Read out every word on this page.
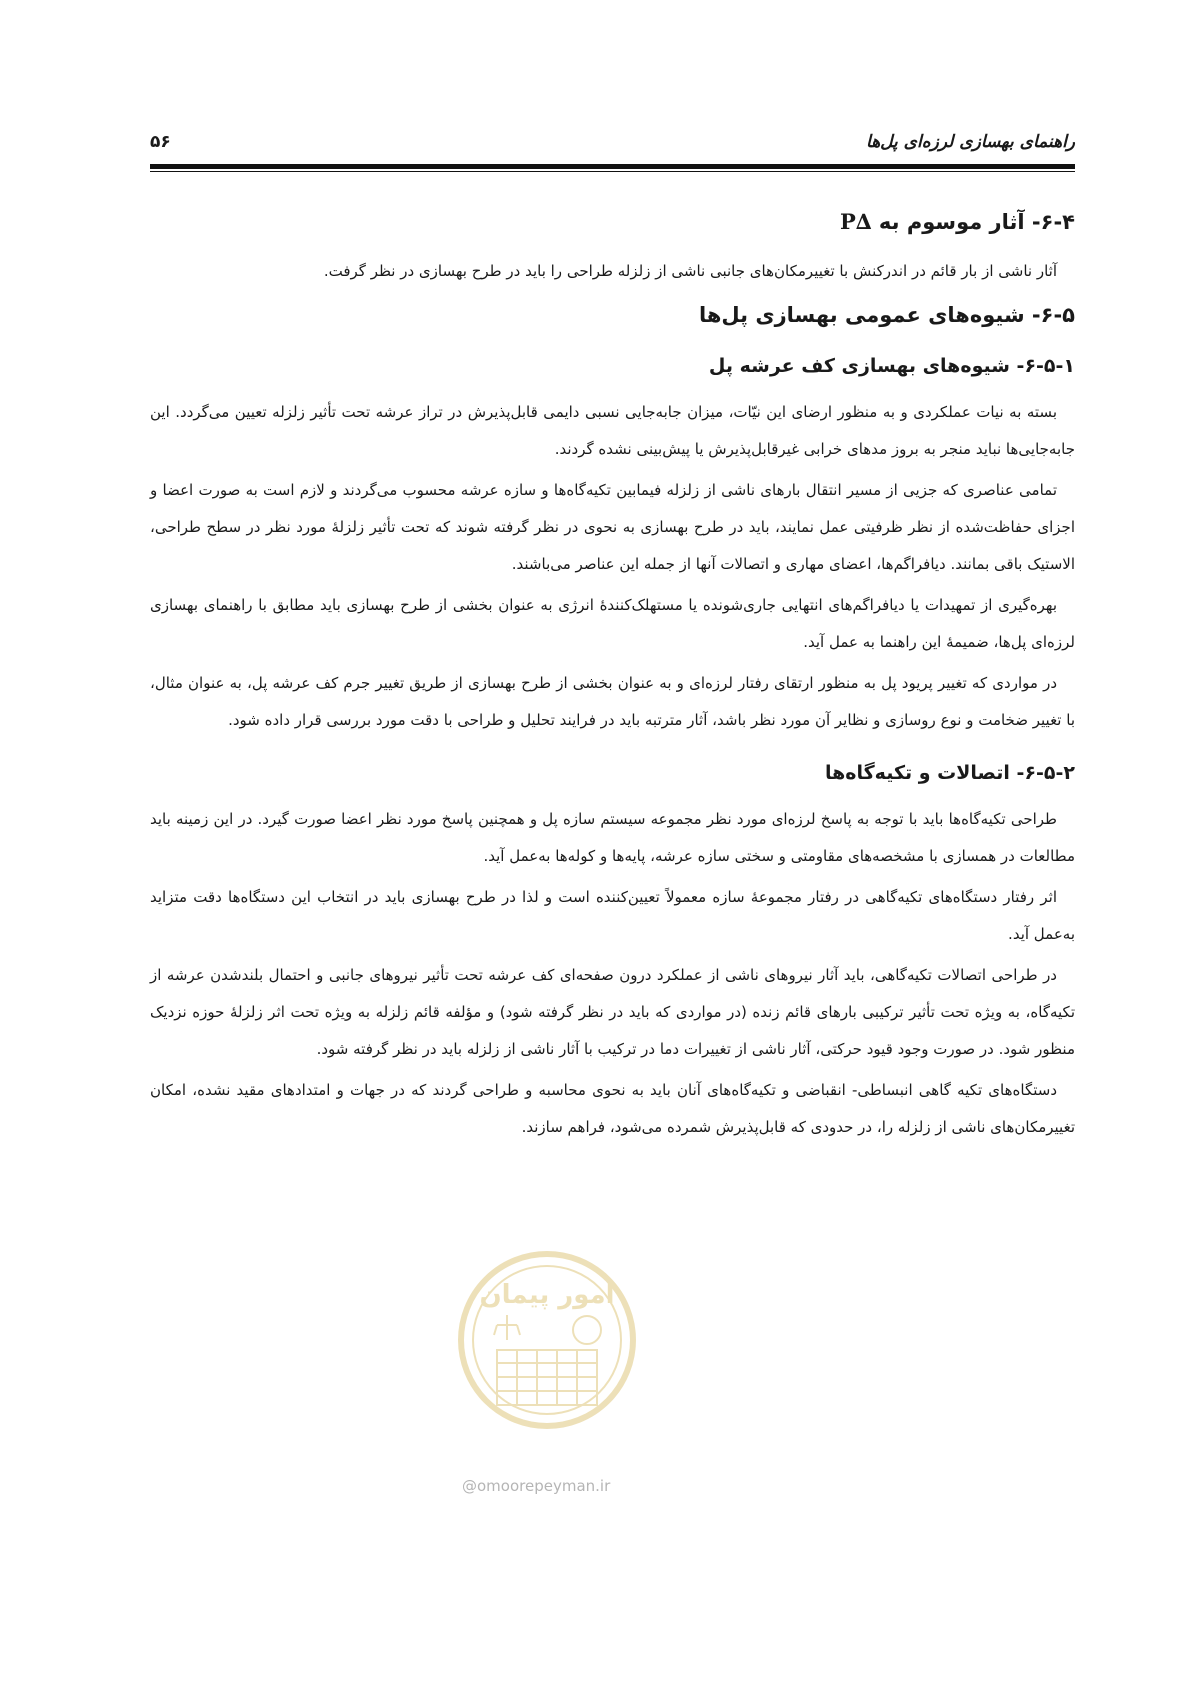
راهنمای بهسازی لرزه‌ای پل‌ها
۵۶
۶-۴- آثار موسوم به P∆

آثار ناشی از بار قائم در اندرکنش با تغییرمکان‌های جانبی ناشی از زلزله طراحی را باید در طرح بهسازی در نظر گرفت.

۶-۵- شیوه‌های عمومی بهسازی پل‌ها
۶-۵-۱- شیوه‌های بهسازی کف عرشه پل

بسته به نیات عملکردی و به منظور ارضای این نیّات، میزان جابه‌جایی نسبی دایمی قابل‌پذیرش در تراز عرشه تحت تأثیر زلزله تعیین می‌گردد. این جابه‌جایی‌ها نباید منجر به بروز مدهای خرابی غیرقابل‌پذیرش یا پیش‌بینی نشده گردند.

تمامی عناصری که جزیی از مسیر انتقال بارهای ناشی از زلزله فیمابین تکیه‌گاه‌ها و سازه عرشه محسوب می‌گردند و لازم است به صورت اعضا و اجزای حفاظت‌شده از نظر ظرفیتی عمل نمایند، باید در طرح بهسازی به نحوی در نظر گرفته شوند که تحت تأثیر زلزلهٔ مورد نظر در سطح طراحی، الاستیک باقی بمانند. دیافراگم‌ها، اعضای مهاری و اتصالات آنها از جمله این عناصر می‌باشند.

بهره‌گیری از تمهیدات یا دیافراگم‌های انتهایی جاری‌شونده یا مستهلک‌کنندهٔ انرژی به عنوان بخشی از طرح بهسازی باید مطابق با راهنمای بهسازی لرزه‌ای پل‌ها، ضمیمهٔ این راهنما به عمل آید.

در مواردی که تغییر پریود پل به منظور ارتقای رفتار لرزه‌ای و به عنوان بخشی از طرح بهسازی از طریق تغییر جرم کف عرشه پل، به عنوان مثال، با تغییر ضخامت و نوع روسازی و نظایر آن مورد نظر باشد، آثار مترتبه باید در فرایند تحلیل و طراحی با دقت مورد بررسی قرار داده شود.

۶-۵-۲- اتصالات و تکیه‌گاه‌ها

طراحی تکیه‌گاه‌ها باید با توجه به پاسخ لرزه‌ای مورد نظر مجموعه سیستم سازه پل و همچنین پاسخ مورد نظر اعضا صورت گیرد. در این زمینه باید مطالعات در همسازی با مشخصه‌های مقاومتی و سختی سازه عرشه، پایه‌ها و کوله‌ها به‌عمل آید.

اثر رفتار دستگاه‌های تکیه‌گاهی در رفتار مجموعهٔ سازه معمولاً تعیین‌کننده است و لذا در طرح بهسازی باید در انتخاب این دستگاه‌ها دقت متزاید به‌عمل آید.

در طراحی اتصالات تکیه‌گاهی، باید آثار نیروهای ناشی از عملکرد درون صفحه‌ای کف عرشه تحت تأثیر نیروهای جانبی و احتمال بلندشدن عرشه از تکیه‌گاه، به ویژه تحت تأثیر ترکیبی بارهای قائم زنده (در مواردی که باید در نظر گرفته شود) و مؤلفه قائم زلزله به ویژه تحت اثر زلزلهٔ حوزه نزدیک منظور شود. در صورت وجود قیود حرکتی، آثار ناشی از تغییرات دما در ترکیب با آثار ناشی از زلزله باید در نظر گرفته شود.

دستگاه‌های تکیه گاهی انبساطی- انقباضی و تکیه‌گاه‌های آنان باید به نحوی محاسبه و طراحی گردند که در جهات و امتدادهای مقید نشده، امکان تغییرمکان‌های ناشی از زلزله را، در حدودی که قابل‌پذیرش شمرده می‌شود، فراهم سازند.

امور پیمان
@omoorepeyman.ir
